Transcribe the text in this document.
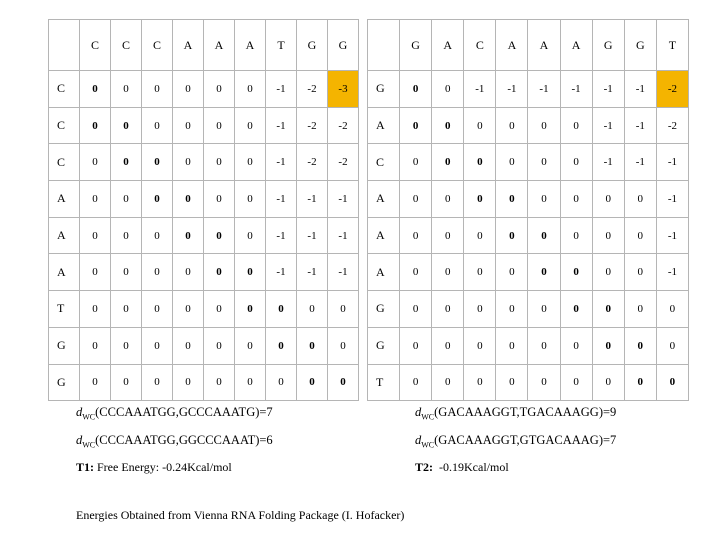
	C	C	C	A	A	A	T	G	G
C	0	0	0	0	0	0	-1	-2	-3
C	0	0	0	0	0	0	-1	-2	-2
C	0	0	0	0	0	0	-1	-2	-2
A	0	0	0	0	0	0	-1	-1	-1
A	0	0	0	0	0	0	-1	-1	-1
A	0	0	0	0	0	0	-1	-1	-1
T	0	0	0	0	0	0	0	0	0
G	0	0	0	0	0	0	0	0	0
G	0	0	0	0	0	0	0	0	0
	G	A	C	A	A	A	G	G	T
G	0	0	-1	-1	-1	-1	-1	-1	-2
A	0	0	0	0	0	0	-1	-1	-2
C	0	0	0	0	0	0	-1	-1	-1
A	0	0	0	0	0	0	0	0	-1
A	0	0	0	0	0	0	0	0	-1
A	0	0	0	0	0	0	0	0	-1
G	0	0	0	0	0	0	0	0	0
G	0	0	0	0	0	0	0	0	0
T	0	0	0	0	0	0	0	0	0
$d_{WC}(CCCAAATGG,GCCCAAATG)=7$
$d_{WC}(CCCAAATGG,GGCCCAAAT)=6$
$d_{WC}(GACAAAGGT,TGACAAAGG)=9$
$d_{WC}(GACAAAGGT,GTGACAAAG)=7$
T1: Free Energy: -0.24Kcal/mol	T2:  -0.19Kcal/mol
Energies Obtained from Vienna RNA Folding Package (I. Hofacker)
